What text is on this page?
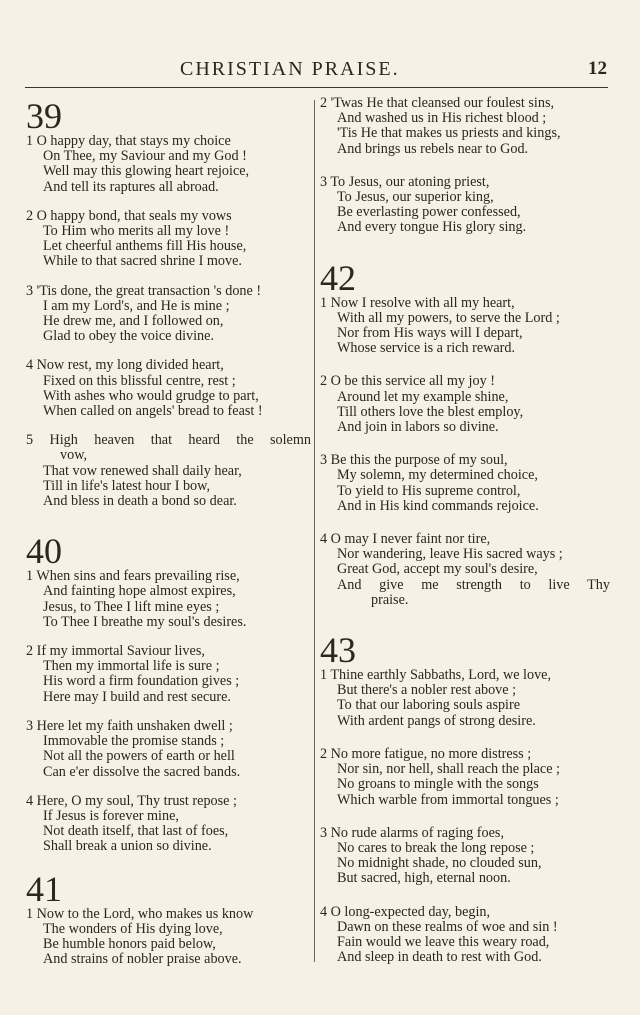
CHRISTIAN PRAISE.	12
39
1 O happy day, that stays my choice
On Thee, my Saviour and my God !
Well may this glowing heart rejoice,
And tell its raptures all abroad.
2 O happy bond, that seals my vows
To Him who merits all my love !
Let cheerful anthems fill His house,
While to that sacred shrine I move.
3 'Tis done, the great transaction 's done !
I am my Lord's, and He is mine ;
He drew me, and I followed on,
Glad to obey the voice divine.
4 Now rest, my long divided heart,
Fixed on this blissful centre, rest ;
With ashes who would grudge to part,
When called on angels' bread to feast !
5 High heaven that heard the solemn
vow,
That vow renewed shall daily hear,
Till in life's latest hour I bow,
And bless in death a bond so dear.
40
1 When sins and fears prevailing rise,
And fainting hope almost expires,
Jesus, to Thee I lift mine eyes ;
To Thee I breathe my soul's desires.
2 If my immortal Saviour lives,
Then my immortal life is sure ;
His word a firm foundation gives ;
Here may I build and rest secure.
3 Here let my faith unshaken dwell ;
Immovable the promise stands ;
Not all the powers of earth or hell
Can e'er dissolve the sacred bands.
4 Here, O my soul, Thy trust repose ;
If Jesus is forever mine,
Not death itself, that last of foes,
Shall break a union so divine.
41
1 Now to the Lord, who makes us know
The wonders of His dying love,
Be humble honors paid below,
And strains of nobler praise above.
2 'Twas He that cleansed our foulest sins,
And washed us in His richest blood ;
'Tis He that makes us priests and kings,
And brings us rebels near to God.
3 To Jesus, our atoning priest,
To Jesus, our superior king,
Be everlasting power confessed,
And every tongue His glory sing.
42
1 Now I resolve with all my heart,
With all my powers, to serve the Lord ;
Nor from His ways will I depart,
Whose service is a rich reward.
2 O be this service all my joy !
Around let my example shine,
Till others love the blest employ,
And join in labors so divine.
3 Be this the purpose of my soul,
My solemn, my determined choice,
To yield to His supreme control,
And in His kind commands rejoice.
4 O may I never faint nor tire,
Nor wandering, leave His sacred ways ;
Great God, accept my soul's desire,
And give me strength to live Thy
praise.
43
1 Thine earthly Sabbaths, Lord, we love,
But there's a nobler rest above ;
To that our laboring souls aspire
With ardent pangs of strong desire.
2 No more fatigue, no more distress ;
Nor sin, nor hell, shall reach the place ;
No groans to mingle with the songs
Which warble from immortal tongues ;
3 No rude alarms of raging foes,
No cares to break the long repose ;
No midnight shade, no clouded sun,
But sacred, high, eternal noon.
4 O long-expected day, begin,
Dawn on these realms of woe and sin !
Fain would we leave this weary road,
And sleep in death to rest with God.
